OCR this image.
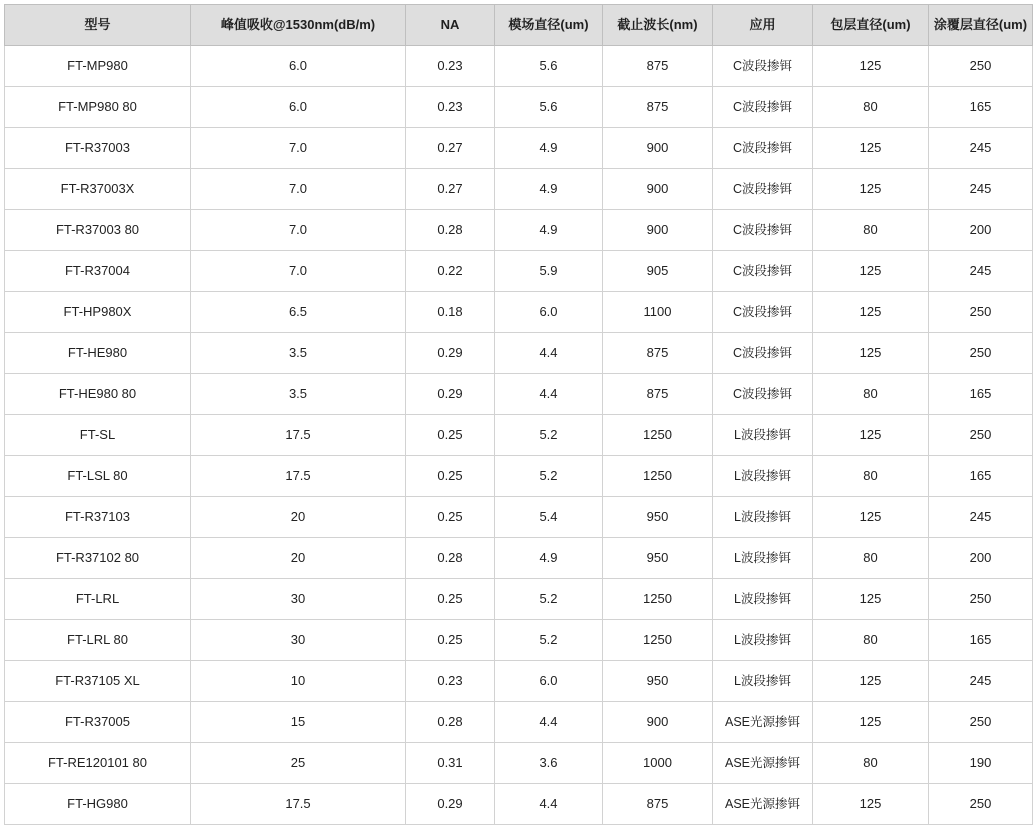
型号	峰值吸收@1530nm(dB/m)	NA	模场直径(um)	截止波长(nm)	应用	包层直径(um)	涂覆层直径(um)
FT-MP980	6.0	0.23	5.6	875	C波段掺铒	125	250
FT-MP980 80	6.0	0.23	5.6	875	C波段掺铒	80	165
FT-R37003	7.0	0.27	4.9	900	C波段掺铒	125	245
FT-R37003X	7.0	0.27	4.9	900	C波段掺铒	125	245
FT-R37003 80	7.0	0.28	4.9	900	C波段掺铒	80	200
FT-R37004	7.0	0.22	5.9	905	C波段掺铒	125	245
FT-HP980X	6.5	0.18	6.0	1100	C波段掺铒	125	250
FT-HE980	3.5	0.29	4.4	875	C波段掺铒	125	250
FT-HE980 80	3.5	0.29	4.4	875	C波段掺铒	80	165
FT-SL	17.5	0.25	5.2	1250	L波段掺铒	125	250
FT-LSL 80	17.5	0.25	5.2	1250	L波段掺铒	80	165
FT-R37103	20	0.25	5.4	950	L波段掺铒	125	245
FT-R37102 80	20	0.28	4.9	950	L波段掺铒	80	200
FT-LRL	30	0.25	5.2	1250	L波段掺铒	125	250
FT-LRL 80	30	0.25	5.2	1250	L波段掺铒	80	165
FT-R37105 XL	10	0.23	6.0	950	L波段掺铒	125	245
FT-R37005	15	0.28	4.4	900	ASE光源掺铒	125	250
FT-RE120101 80	25	0.31	3.6	1000	ASE光源掺铒	80	190
FT-HG980	17.5	0.29	4.4	875	ASE光源掺铒	125	250
